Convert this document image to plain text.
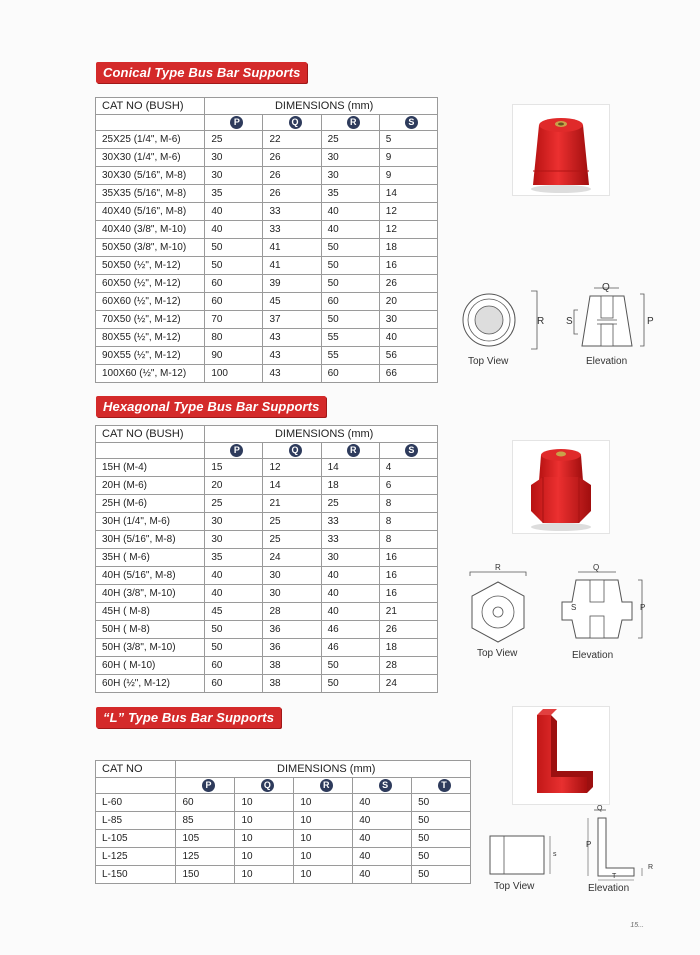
Conical Type Bus Bar Supports
CAT NO (BUSH)	DIMENSIONS (mm)			
	P	Q	R	S
25X25 (1/4", M-6)	25	22	25	5
30X30 (1/4", M-6)	30	26	30	9
30X30 (5/16", M-8)	30	26	30	9
35X35 (5/16", M-8)	35	26	35	14
40X40 (5/16", M-8)	40	33	40	12
40X40 (3/8", M-10)	40	33	40	12
50X50 (3/8", M-10)	50	41	50	18
50X50 (½", M-12)	50	41	50	16
60X50 (½", M-12)	60	39	50	26
60X60 (½", M-12)	60	45	60	20
70X50 (½", M-12)	70	37	50	30
80X55 (½", M-12)	80	43	55	40
90X55 (½", M-12)	90	43	55	56
100X60 (½", M-12)	100	43	60	66
R
Top View
Q
S	P
Elevation
Hexagonal Type Bus Bar Supports
CAT NO (BUSH)	DIMENSIONS (mm)			
	P	Q	R	S
15H (M-4)	15	12	14	4
20H (M-6)	20	14	18	6
25H (M-6)	25	21	25	8
30H (1/4", M-6)	30	25	33	8
30H (5/16", M-8)	30	25	33	8
35H ( M-6)	35	24	30	16
40H (5/16", M-8)	40	30	40	16
40H (3/8", M-10)	40	30	40	16
45H ( M-8)	45	28	40	21
50H ( M-8)	50	36	46	26
50H (3/8", M-10)	50	36	46	18
60H ( M-10)	60	38	50	28
60H (½", M-12)	60	38	50	24
R
Top View
Q
S	P
Elevation
“L” Type Bus Bar Supports
CAT NO	DIMENSIONS (mm)				
	P	Q	R	S	T
L-60	60	10	10	40	50
L-85	85	10	10	40	50
L-105	105	10	10	40	50
L-125	125	10	10	40	50
L-150	150	10	10	40	50
Top View
s
Q
P
R
T
Elevation
15...
